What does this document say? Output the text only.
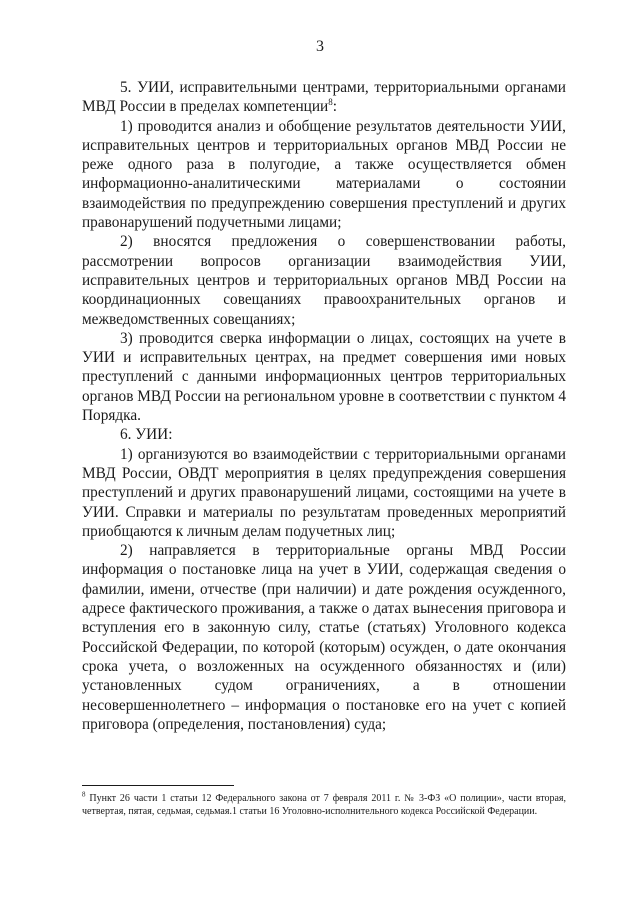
3

5. УИИ, исправительными центрами, территориальными органами МВД России в пределах компетенции$^8$:

1) проводится анализ и обобщение результатов деятельности УИИ, исправительных центров и территориальных органов МВД России не реже одного раза в полугодие, а также осуществляется обмен информационно-аналитическими материалами о состоянии взаимодействия по предупреждению совершения преступлений и других правонарушений подучетными лицами;

2) вносятся предложения о совершенствовании работы, рассмотрении вопросов организации взаимодействия УИИ, исправительных центров и территориальных органов МВД России на координационных совещаниях правоохранительных органов и межведомственных совещаниях;

3) проводится сверка информации о лицах, состоящих на учете в УИИ и исправительных центрах, на предмет совершения ими новых преступлений с данными информационных центров территориальных органов МВД России на региональном уровне в соответствии с пунктом 4 Порядка.

6. УИИ:

1) организуются во взаимодействии с территориальными органами МВД России, ОВДТ мероприятия в целях предупреждения совершения преступлений и других правонарушений лицами, состоящими на учете в УИИ. Справки и материалы по результатам проведенных мероприятий приобщаются к личным делам подучетных лиц;

2) направляется в территориальные органы МВД России информация о постановке лица на учет в УИИ, содержащая сведения о фамилии, имени, отчестве (при наличии) и дате рождения осужденного, адресе фактического проживания, а также о датах вынесения приговора и вступления его в законную силу, статье (статьях) Уголовного кодекса Российской Федерации, по которой (которым) осужден, о дате окончания срока учета, о возложенных на осужденного обязанностях и (или) установленных судом ограничениях, а в отношении несовершеннолетнего – информация о постановке его на учет с копией приговора (определения, постановления) суда;

$^8$ Пункт 26 части 1 статьи 12 Федерального закона от 7 февраля 2011 г. № 3-ФЗ «О полиции», части вторая, четвертая, пятая, седьмая, седьмая.1 статьи 16 Уголовно-исполнительного кодекса Российской Федерации.
